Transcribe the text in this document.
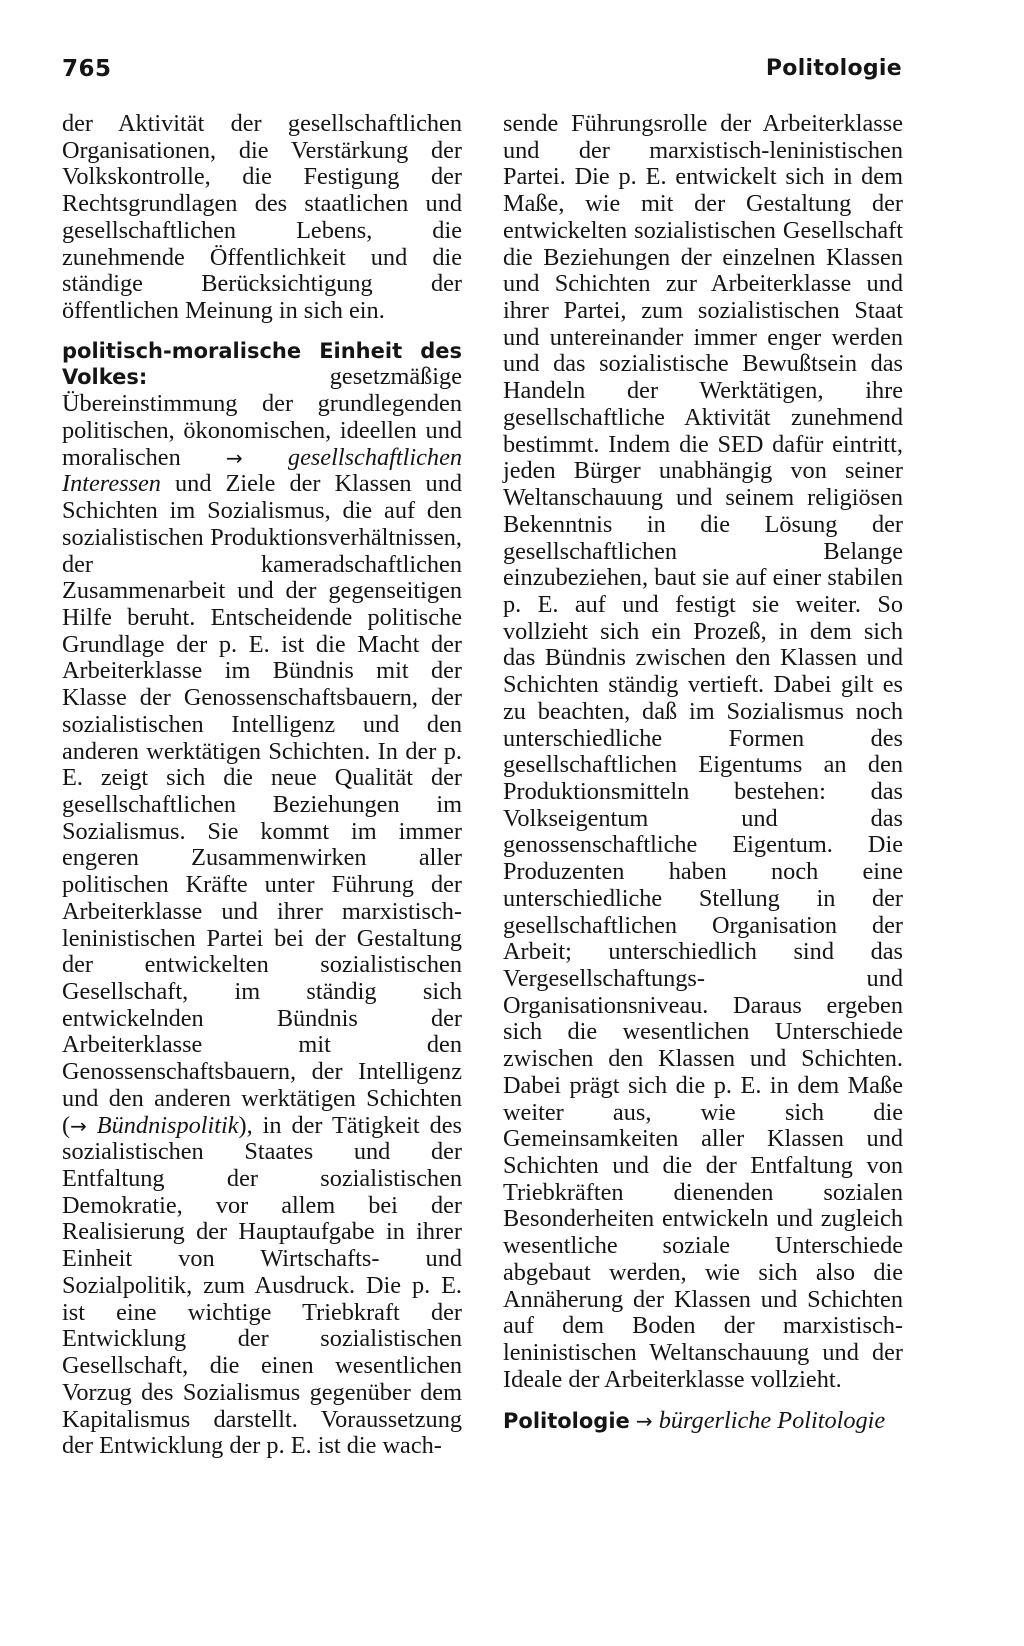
765	Politologie

der Aktivität der gesellschaftlichen Organisationen, die Verstärkung der Volkskontrolle, die Festigung der Rechtsgrundlagen des staatlichen und gesellschaftlichen Lebens, die zunehmende Öffentlichkeit und die ständige Berücksichtigung der öffentlichen Meinung in sich ein.

politisch-moralische Einheit des Volkes:	gesetzmäßige Übereinstimmung der grundlegenden politischen, ökonomischen, ideellen und moralischen → gesellschaftlichen Interessen und Ziele der Klassen und Schichten im Sozialismus, die auf den sozialistischen Produktionsverhältnissen, der kameradschaftlichen Zusammenarbeit und der gegenseitigen Hilfe beruht. Entscheidende politische Grundlage der p. E. ist die Macht der Arbeiterklasse im Bündnis mit der Klasse der Genossenschaftsbauern, der sozialistischen Intelligenz und den anderen werktätigen Schichten. In der p. E. zeigt sich die neue Qualität der gesellschaftlichen Beziehungen im Sozialismus. Sie kommt im immer engeren Zusammenwirken aller politischen Kräfte unter Führung der Arbeiterklasse und ihrer marxistisch-leninistischen Partei bei der Gestaltung der entwickelten sozialistischen Gesellschaft, im ständig sich entwickelnden Bündnis der Arbeiterklasse mit den Genossenschaftsbauern, der Intelligenz und den anderen werktätigen Schichten (→ Bündnispolitik), in der Tätigkeit des sozialistischen Staates und der Entfaltung der sozialistischen Demokratie, vor allem bei der Realisierung der Hauptaufgabe in ihrer Einheit von Wirtschafts- und Sozialpolitik, zum Ausdruck. Die p. E. ist eine wichtige Triebkraft der Entwicklung der sozialistischen Gesellschaft, die einen wesentlichen Vorzug des Sozialismus gegenüber dem Kapitalismus darstellt. Voraussetzung der Entwicklung der p. E. ist die wach-

sende Führungsrolle der Arbeiterklasse und der marxistisch-leninistischen Partei. Die p. E. entwickelt sich in dem Maße, wie mit der Gestaltung der entwickelten sozialistischen Gesellschaft die Beziehungen der einzelnen Klassen und Schichten zur Arbeiterklasse und ihrer Partei, zum sozialistischen Staat und untereinander immer enger werden und das sozialistische Bewußtsein das Handeln der Werktätigen, ihre gesellschaftliche Aktivität zunehmend bestimmt. Indem die SED dafür eintritt, jeden Bürger unabhängig von seiner Weltanschauung und seinem religiösen Bekenntnis in die Lösung der gesellschaftlichen Belange einzubeziehen, baut sie auf einer stabilen p. E. auf und festigt sie weiter. So vollzieht sich ein Prozeß, in dem sich das Bündnis zwischen den Klassen und Schichten ständig vertieft. Dabei gilt es zu beachten, daß im Sozialismus noch unterschiedliche Formen des gesellschaftlichen Eigentums an den Produktionsmitteln bestehen: das Volkseigentum und das genossenschaftliche Eigentum. Die Produzenten haben noch eine unterschiedliche Stellung in der gesellschaftlichen Organisation der Arbeit; unterschiedlich sind das Vergesellschaftungs- und Organisationsniveau. Daraus ergeben sich die wesentlichen Unterschiede zwischen den Klassen und Schichten. Dabei prägt sich die p. E. in dem Maße weiter aus, wie sich die Gemeinsamkeiten aller Klassen und Schichten und die der Entfaltung von Triebkräften dienenden sozialen Besonderheiten entwickeln und zugleich wesentliche soziale Unterschiede abgebaut werden, wie sich also die Annäherung der Klassen und Schichten auf dem Boden der marxistisch-leninistischen Weltanschauung und der Ideale der Arbeiterklasse vollzieht.

Politologie → bürgerliche Politologie
